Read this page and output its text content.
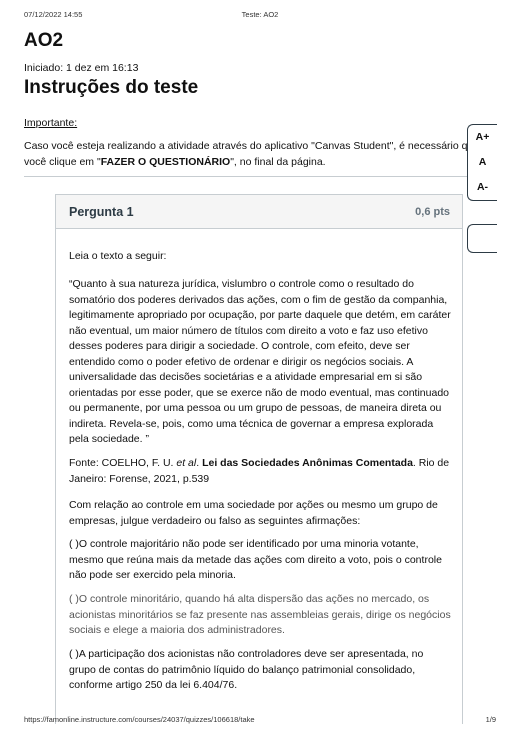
07/12/2022 14:55	Teste: AO2
AO2
Iniciado: 1 dez em 16:13
Instruções do teste
Importante:
Caso você esteja realizando a atividade através do aplicativo "Canvas Student", é necessário q
você clique em "FAZER O QUESTIONÁRIO", no final da página.
A+
A
A-
Pergunta 1	0,6 pts

Leia o texto a seguir:

“Quanto à sua natureza jurídica, vislumbro o controle como o resultado do

somatório dos poderes derivados das ações, com o fim de gestão da companhia,

legitimamente apropriado por ocupação, por parte daquele que detém, em caráter

não eventual, um maior número de títulos com direito a voto e faz uso efetivo

desses poderes para dirigir a sociedade. O controle, com efeito, deve ser

entendido como o poder efetivo de ordenar e dirigir os negócios sociais. A

universalidade das decisões societárias e a atividade empresarial em si são

orientadas por esse poder, que se exerce não de modo eventual, mas continuado

ou permanente, por uma pessoa ou um grupo de pessoas, de maneira direta ou

indireta. Revela-se, pois, como uma técnica de governar a empresa explorada

pela sociedade. ”

Fonte: COELHO, F. U. et al. Lei das Sociedades Anônimas Comentada. Rio de

Janeiro: Forense, 2021, p.539

Com relação ao controle em uma sociedade por ações ou mesmo um grupo de

empresas, julgue verdadeiro ou falso as seguintes afirmações:

( )O controle majoritário não pode ser identificado por uma minoria votante,

mesmo que reúna mais da metade das ações com direito a voto, pois o controle

não pode ser exercido pela minoria.

( )O controle minoritário, quando há alta dispersão das ações no mercado, os

acionistas minoritários se faz presente nas assembleias gerais, dirige os negócios

sociais e elege a maioria dos administradores.

( )A participação dos acionistas não controladores deve ser apresentada, no

grupo de contas do patrimônio líquido do balanço patrimonial consolidado,

conforme artigo 250 da lei 6.404/76.

https://famonline.instructure.com/courses/24037/quizzes/106618/take	1/9
